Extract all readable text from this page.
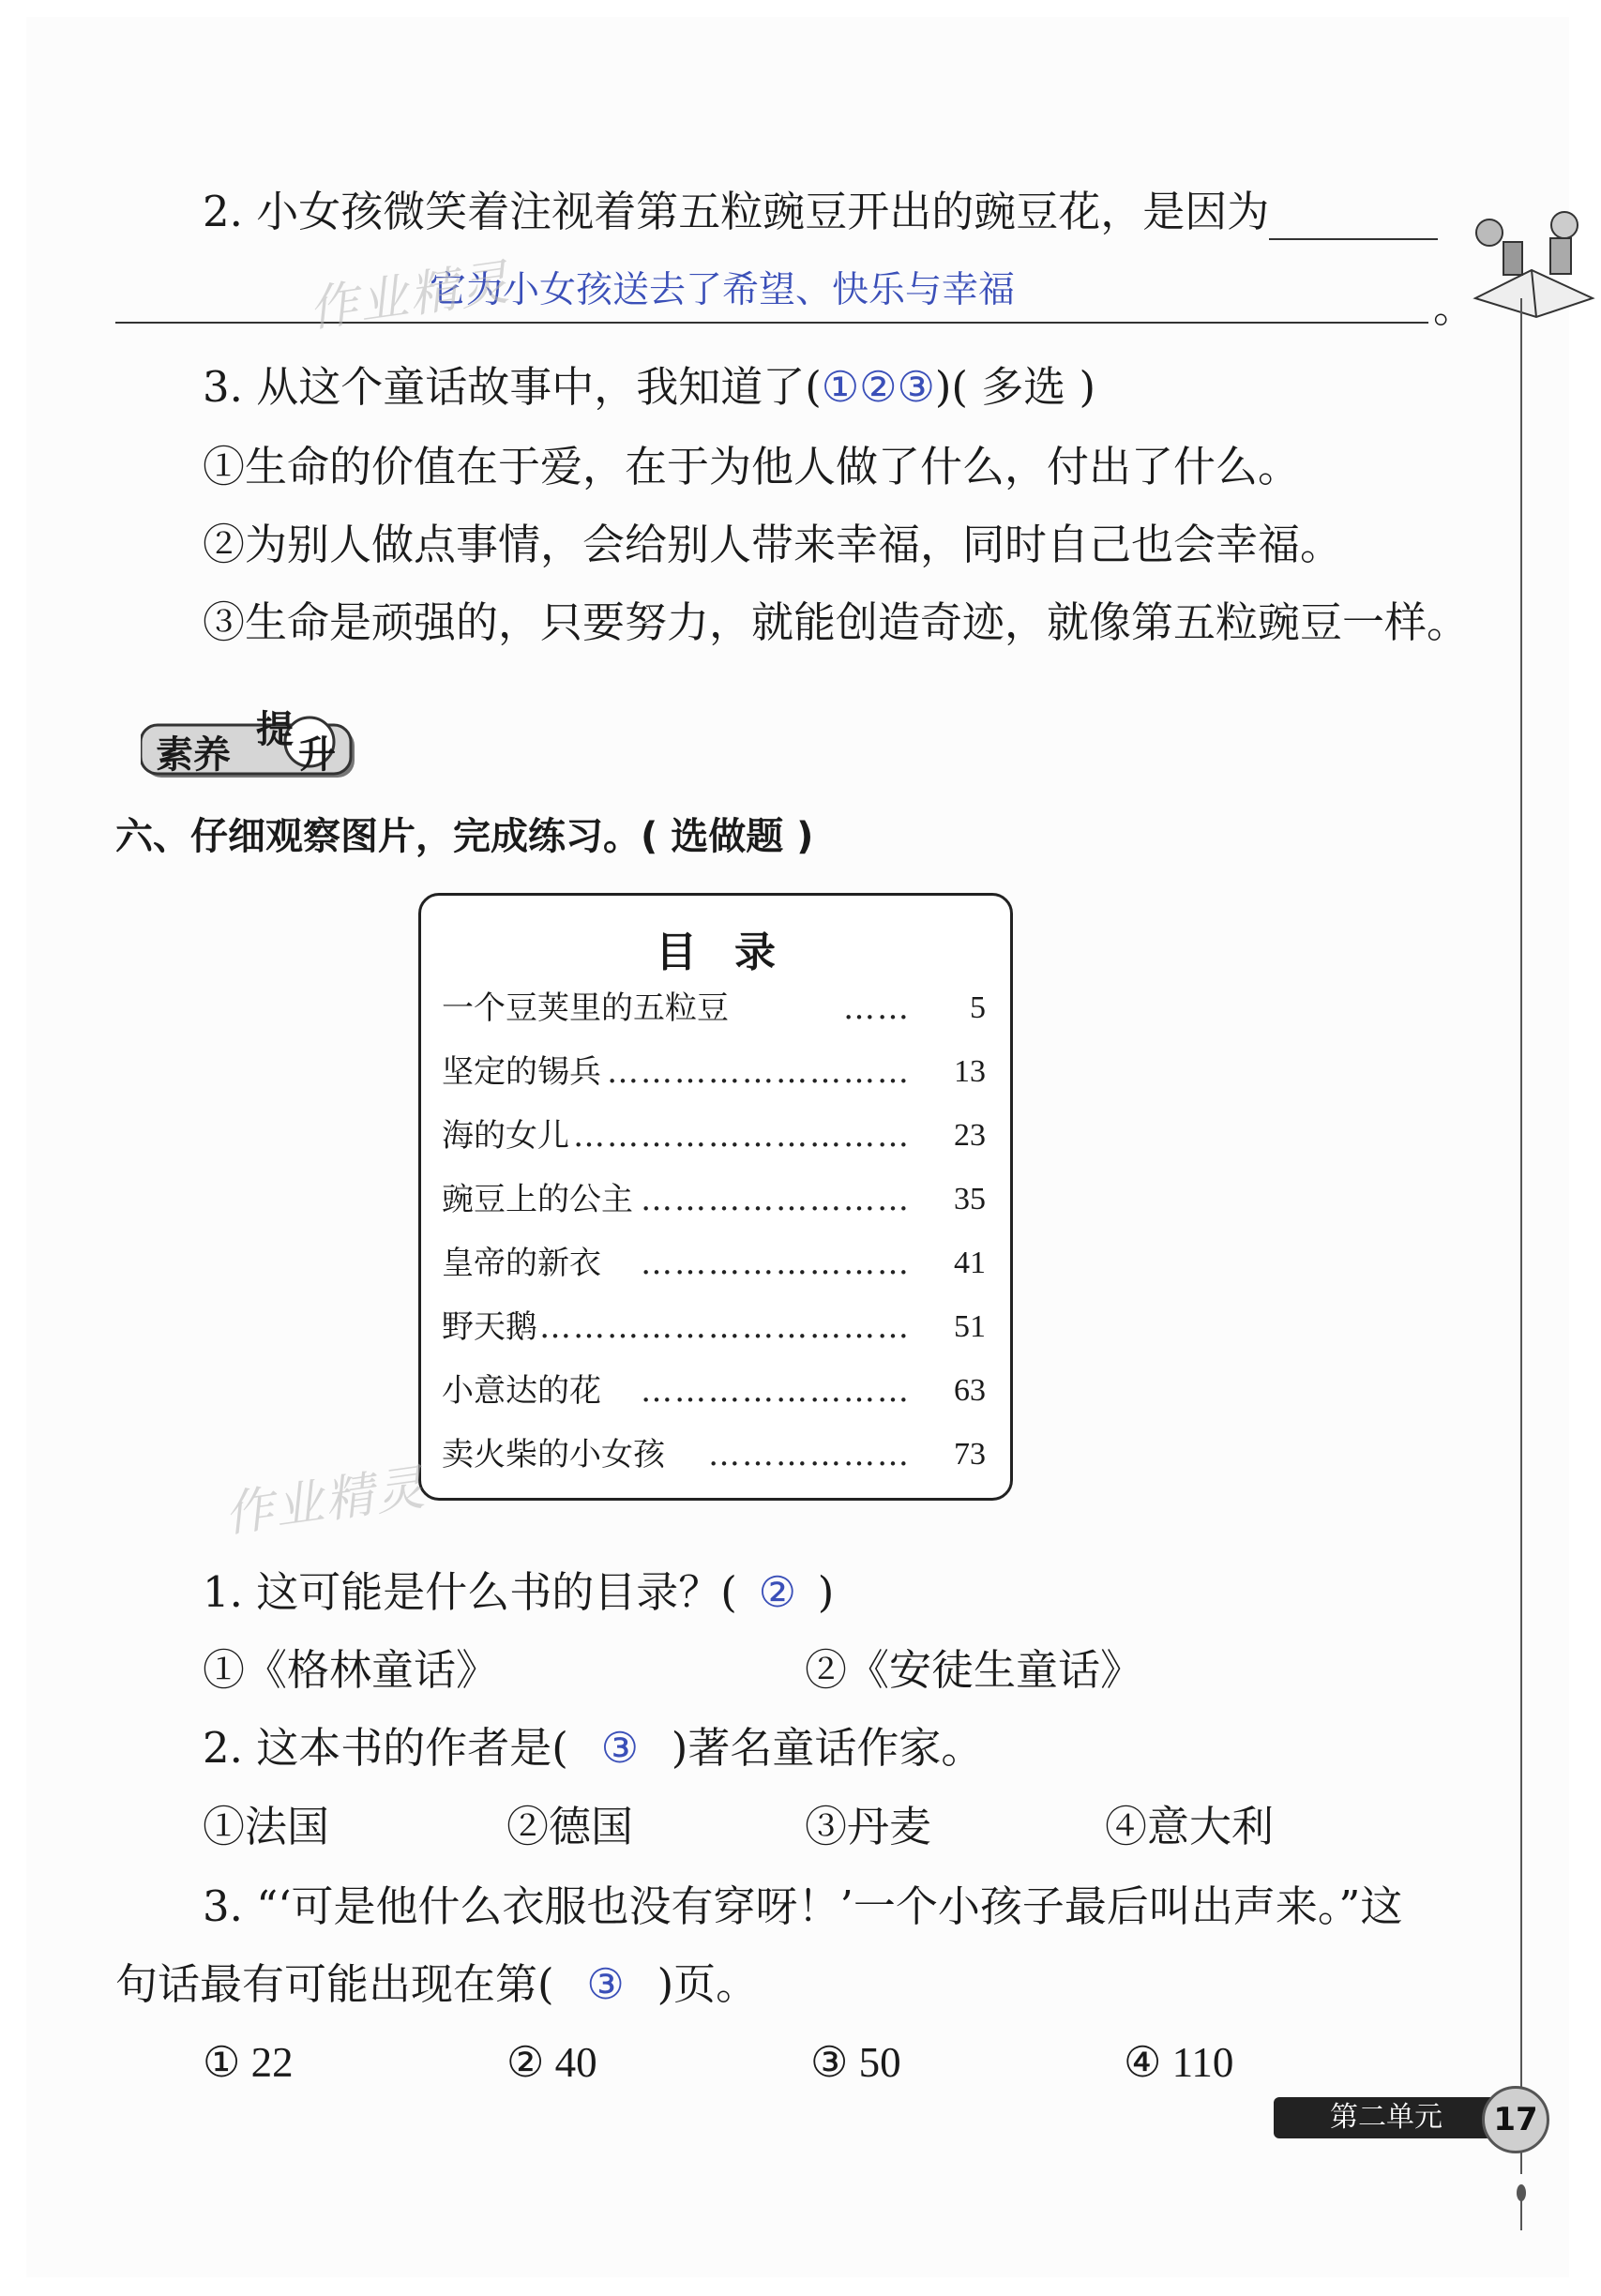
2. 小女孩微笑着注视着第五粒豌豆开出的豌豆花，是因为
它为小女孩送去了希望、快乐与幸福	。
3. 从这个童话故事中，我知道了(①②③)( 多选 )
①生命的价值在于爱，在于为他人做了什么，付出了什么。
②为别人做点事情，会给别人带来幸福，同时自己也会幸福。
③生命是顽强的，只要努力，就能创造奇迹，就像第五粒豌豆一样。
素养
提
升
六、仔细观察图片，完成练习。( 选做题 )
目录
一个豆荚里的五粒豆	…… 5
坚定的锡兵 ……………………… 13
海的女儿 ………………………… 23
豌豆上的公主 …………………… 35
皇帝的新衣 …………………… 41
野天鹅 …………………………… 51
小意达的花 …………………… 63
卖火柴的小女孩 ……………… 73
作业精灵
作业精灵
1. 这可能是什么书的目录？( ② )
①《格林童话》	②《安徒生童话》
2. 这本书的作者是( ③ )著名童话作家。
①法国	②德国	③丹麦	④意大利
3. “‘可是他什么衣服也没有穿呀！’一个小孩子最后叫出声来。”这
句话最有可能出现在第( ③ )页。
① 22	② 40	③ 50	④ 110
第二单元	17
